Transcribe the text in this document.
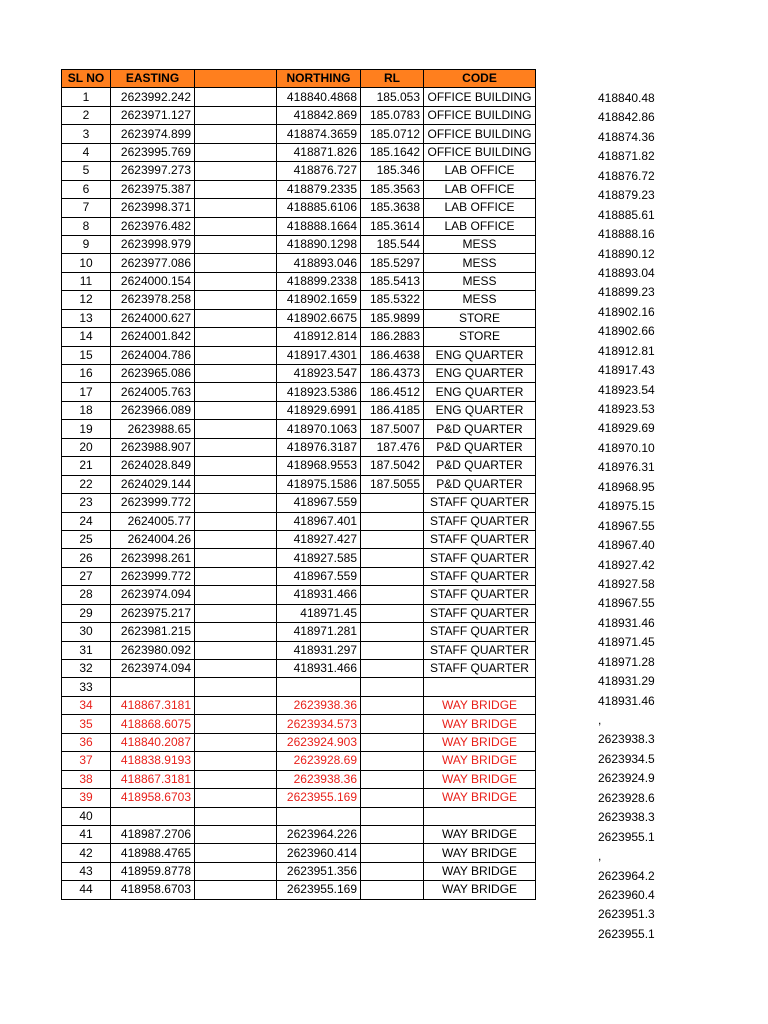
SL NO	EASTING		NORTHING	RL	CODE
1	2623992.242		418840.4868	185.053	OFFICE BUILDING
2	2623971.127		418842.869	185.0783	OFFICE BUILDING
3	2623974.899		418874.3659	185.0712	OFFICE BUILDING
4	2623995.769		418871.826	185.1642	OFFICE BUILDING
5	2623997.273		418876.727	185.346	LAB OFFICE
6	2623975.387		418879.2335	185.3563	LAB OFFICE
7	2623998.371		418885.6106	185.3638	LAB OFFICE
8	2623976.482		418888.1664	185.3614	LAB OFFICE
9	2623998.979		418890.1298	185.544	MESS
10	2623977.086		418893.046	185.5297	MESS
11	2624000.154		418899.2338	185.5413	MESS
12	2623978.258		418902.1659	185.5322	MESS
13	2624000.627		418902.6675	185.9899	STORE
14	2624001.842		418912.814	186.2883	STORE
15	2624004.786		418917.4301	186.4638	ENG QUARTER
16	2623965.086		418923.547	186.4373	ENG QUARTER
17	2624005.763		418923.5386	186.4512	ENG QUARTER
18	2623966.089		418929.6991	186.4185	ENG QUARTER
19	2623988.65		418970.1063	187.5007	P&D QUARTER
20	2623988.907		418976.3187	187.476	P&D QUARTER
21	2624028.849		418968.9553	187.5042	P&D QUARTER
22	2624029.144		418975.1586	187.5055	P&D QUARTER
23	2623999.772		418967.559		STAFF QUARTER
24	2624005.77		418967.401		STAFF QUARTER
25	2624004.26		418927.427		STAFF QUARTER
26	2623998.261		418927.585		STAFF QUARTER
27	2623999.772		418967.559		STAFF QUARTER
28	2623974.094		418931.466		STAFF QUARTER
29	2623975.217		418971.45		STAFF QUARTER
30	2623981.215		418971.281		STAFF QUARTER
31	2623980.092		418931.297		STAFF QUARTER
32	2623974.094		418931.466		STAFF QUARTER
33					
34	418867.3181		2623938.36		WAY BRIDGE
35	418868.6075		2623934.573		WAY BRIDGE
36	418840.2087		2623924.903		WAY BRIDGE
37	418838.9193		2623928.69		WAY BRIDGE
38	418867.3181		2623938.36		WAY BRIDGE
39	418958.6703		2623955.169		WAY BRIDGE
40					
41	418987.2706		2623964.226		WAY BRIDGE
42	418988.4765		2623960.414		WAY BRIDGE
43	418959.8778		2623951.356		WAY BRIDGE
44	418958.6703		2623955.169		WAY BRIDGE
418840.48
418842.86
418874.36
418871.82
418876.72
418879.23
418885.61
418888.16
418890.12
418893.04
418899.23
418902.16
418902.66
418912.81
418917.43
418923.54
418923.53
418929.69
418970.10
418976.31
418968.95
418975.15
418967.55
418967.40
418927.42
418927.58
418967.55
418931.46
418971.45
418971.28
418931.29
418931.46
,
2623938.3
2623934.5
2623924.9
2623928.6
2623938.3
2623955.1
,
2623964.2
2623960.4
2623951.3
2623955.1
